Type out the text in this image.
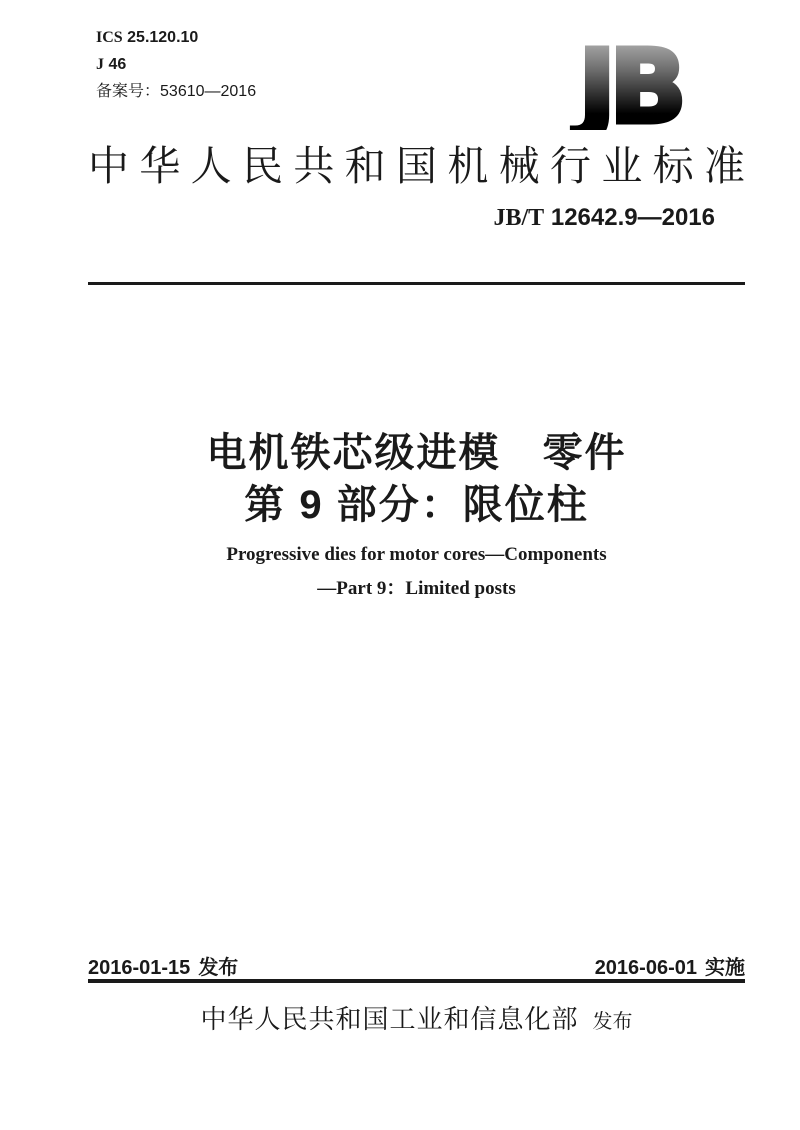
ICS 25.120.10
J 46
备案号：53610—2016	JB
中华人民共和国机械行业标准
JB/T 12642.9—2016
电机铁芯级进模　零件
第 9 部分：限位柱
Progressive dies for motor cores—Components
—Part 9：Limited posts
2016-01-15 发布	2016-06-01 实施
中华人民共和国工业和信息化部 发布
